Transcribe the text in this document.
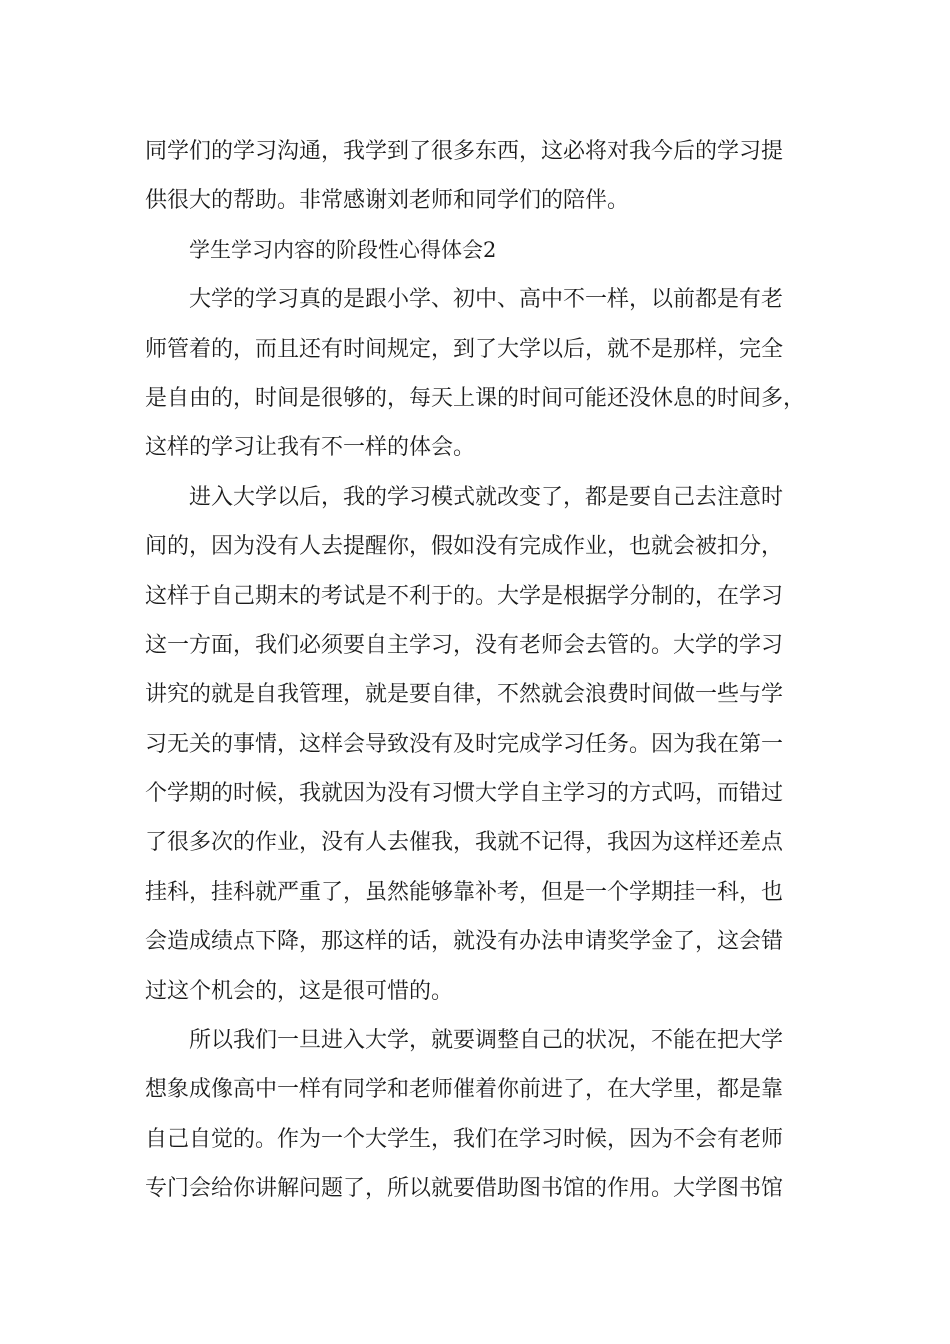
同学们的学习沟通，我学到了很多东西，这必将对我今后的学习提
供很大的帮助。非常感谢刘老师和同学们的陪伴。
学生学习内容的阶段性心得体会2
大学的学习真的是跟小学、初中、高中不一样，以前都是有老
师管着的，而且还有时间规定，到了大学以后，就不是那样，完全
是自由的，时间是很够的，每天上课的时间可能还没休息的时间多，
这样的学习让我有不一样的体会。
进入大学以后，我的学习模式就改变了，都是要自己去注意时
间的，因为没有人去提醒你，假如没有完成作业，也就会被扣分，
这样于自己期末的考试是不利于的。大学是根据学分制的，在学习
这一方面，我们必须要自主学习，没有老师会去管的。大学的学习
讲究的就是自我管理，就是要自律，不然就会浪费时间做一些与学
习无关的事情，这样会导致没有及时完成学习任务。因为我在第一
个学期的时候，我就因为没有习惯大学自主学习的方式吗，而错过
了很多次的作业，没有人去催我，我就不记得，我因为这样还差点
挂科，挂科就严重了，虽然能够靠补考，但是一个学期挂一科，也
会造成绩点下降，那这样的话，就没有办法申请奖学金了，这会错
过这个机会的，这是很可惜的。
所以我们一旦进入大学，就要调整自己的状况，不能在把大学
想象成像高中一样有同学和老师催着你前进了，在大学里，都是靠
自己自觉的。作为一个大学生，我们在学习时候，因为不会有老师
专门会给你讲解问题了，所以就要借助图书馆的作用。大学图书馆
